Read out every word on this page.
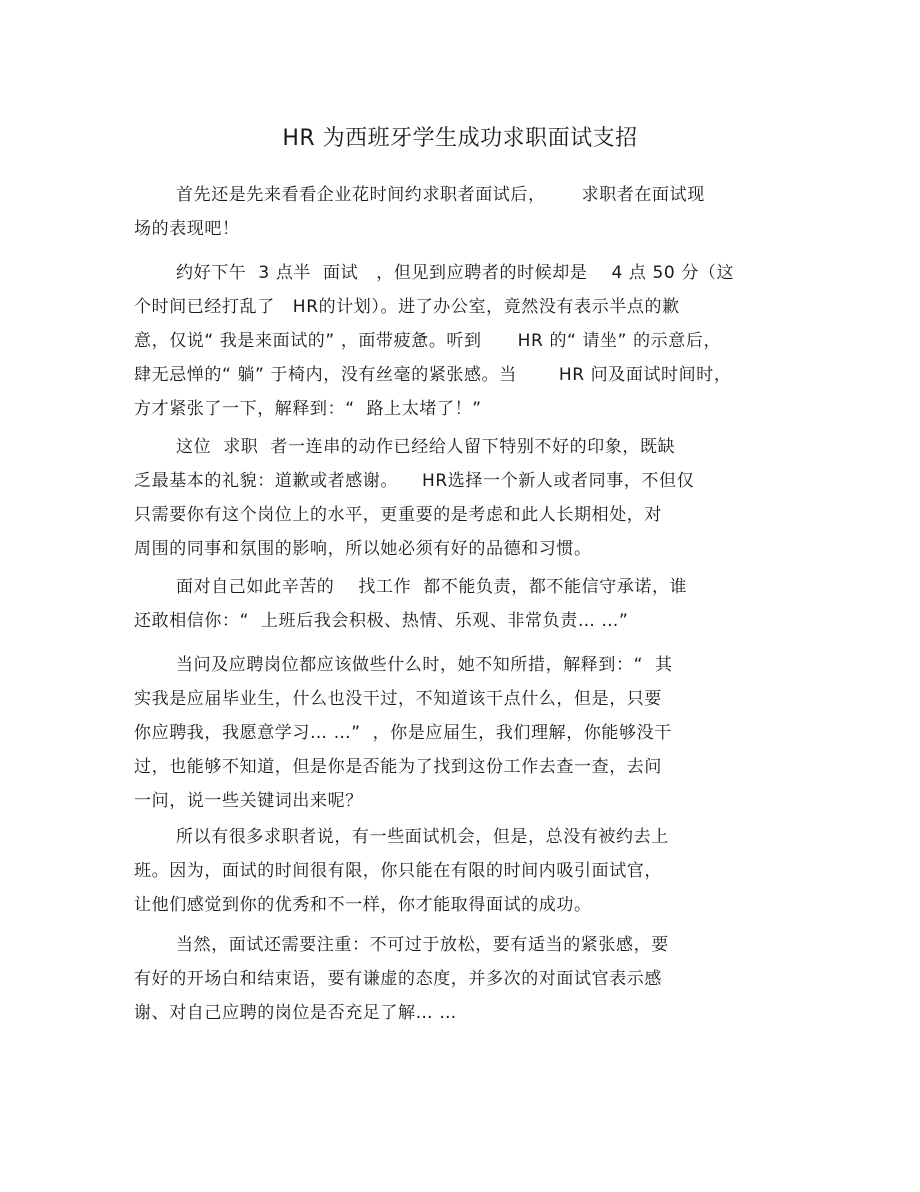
HR 为西班牙学生成功求职面试支招
首先还是先来看看企业花时间约求职者面试后，      求职者在面试现
场的表现吧！
约好下午  3 点半  面试   ，但见到应聘者的时候却是    4 点 50 分（这
个时间已经打乱了   HR的计划）。进了办公室，竟然没有表示半点的歉
意，仅说“ 我是来面试的” ，面带疲惫。听到      HR 的“ 请坐” 的示意后，
肆无忌惮的“ 躺” 于椅内，没有丝毫的紧张感。当       HR 问及面试时间时，
方才紧张了一下，解释到：“  路上太堵了！”
这位  求职  者一连串的动作已经给人留下特别不好的印象，既缺
乏最基本的礼貌：道歉或者感谢。    HR选择一个新人或者同事，不但仅
只需要你有这个岗位上的水平，更重要的是考虑和此人长期相处，对
周围的同事和氛围的影响，所以她必须有好的品德和习惯。
面对自己如此辛苦的    找工作  都不能负责，都不能信守承诺，谁
还敢相信你：“  上班后我会积极、热情、乐观、非常负责… …”
当问及应聘岗位都应该做些什么时，她不知所措，解释到：“  其
实我是应届毕业生，什么也没干过，不知道该干点什么，但是，只要
你应聘我，我愿意学习… …”  ，你是应届生，我们理解，你能够没干
过，也能够不知道，但是你是否能为了找到这份工作去查一查，去问
一问，说一些关键词出来呢？
所以有很多求职者说，有一些面试机会，但是，总没有被约去上
班。因为，面试的时间很有限，你只能在有限的时间内吸引面试官，
让他们感觉到你的优秀和不一样，你才能取得面试的成功。
当然，面试还需要注重：不可过于放松，要有适当的紧张感，要
有好的开场白和结束语，要有谦虚的态度，并多次的对面试官表示感
谢、对自己应聘的岗位是否充足了解… …
